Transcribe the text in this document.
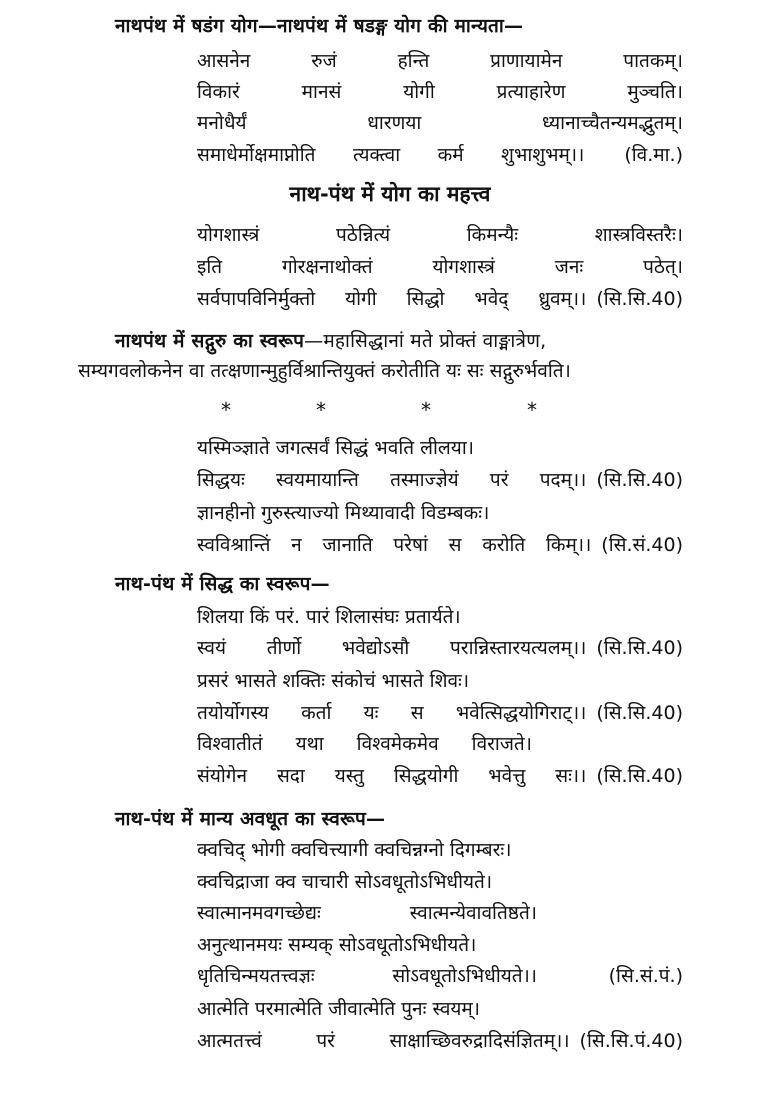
नाथपंथ में षडंग योग—नाथपंथ में षडङ्ग योग की मान्यता—
आसनेन	रुजं	हन्ति	प्राणायामेन	पातकम्।
विकारं	मानसं	योगी	प्रत्याहारेण	मुञ्चति।
मनोधैर्यं	धारणया	ध्यानाच्चैतन्यमद्भुतम्।
समाधेर्मोक्षमाप्नोति त्यक्त्वा कर्म शुभाशुभम्।। (वि.मा.)
नाथ-पंथ में योग का महत्त्व
योगशास्त्रं	पठेन्नित्यं	किमन्यैः	शास्त्रविस्तरैः।
इति	गोरक्षनाथोक्तं	योगशास्त्रं	जनः	पठेत्।
सर्वपापविनिर्मुक्तो योगी सिद्धो भवेद् ध्रुवम्।। (सि.सि.40)
नाथपंथ में सद्गुरु का स्वरूप—महासिद्धानां मते प्रोक्तं वाङ्मात्रेण,
सम्यगवलोकनेन वा तत्क्षणान्मुहुर्विश्रान्तियुक्तं करोतीति यः सः सद्गुरुर्भवति।
*	*	*	*
यस्मिञ्ज्ञाते जगत्सर्वं सिद्धं भवति लीलया।
सिद्धयः स्वयमायान्ति तस्माज्ज्ञेयं परं पदम्।। (सि.सि.40)
ज्ञानहीनो गुरुस्त्याज्यो मिथ्यावादी विडम्बकः।
स्वविश्रान्तिं न जानाति परेषां स करोति किम्।। (सि.सं.40)
नाथ-पंथ में सिद्ध का स्वरूप—
शिलया किं परं. पारं शिलासंघः प्रतार्यते।
स्वयं तीर्णो भवेद्योऽसौ परान्निस्तारयत्यलम्।। (सि.सि.40)
प्रसरं भासते शक्तिः संकोचं भासते शिवः।
तयोर्योगस्य कर्ता यः स भवेत्सिद्धयोगिराट्।। (सि.सि.40)
विश्वातीतं यथा विश्वमेकमेव विराजते।
संयोगेन सदा यस्तु सिद्धयोगी भवेत्तु सः।। (सि.सि.40)
नाथ-पंथ में मान्य अवधूत का स्वरूप—
क्वचिद् भोगी क्वचित्त्यागी क्वचिन्नग्नो दिगम्बरः।
क्वचिद्राजा क्व चाचारी सोऽवधूतोऽभिधीयते।
स्वात्मानमवगच्छेद्यः	स्वात्मन्येवावतिष्ठते।
अनुत्थानमयः सम्यक् सोऽवधूतोऽभिधीयते।
धृतिचिन्मयतत्त्वज्ञः	सोऽवधूतोऽभिधीयते।।	(सि.सं.पं.)
आत्मेति परमात्मेति जीवात्मेति पुनः स्वयम्।
आत्मतत्त्वं	परं	साक्षाच्छिवरुद्रादिसंज्ञितम्।। (सि.सि.पं.40)
